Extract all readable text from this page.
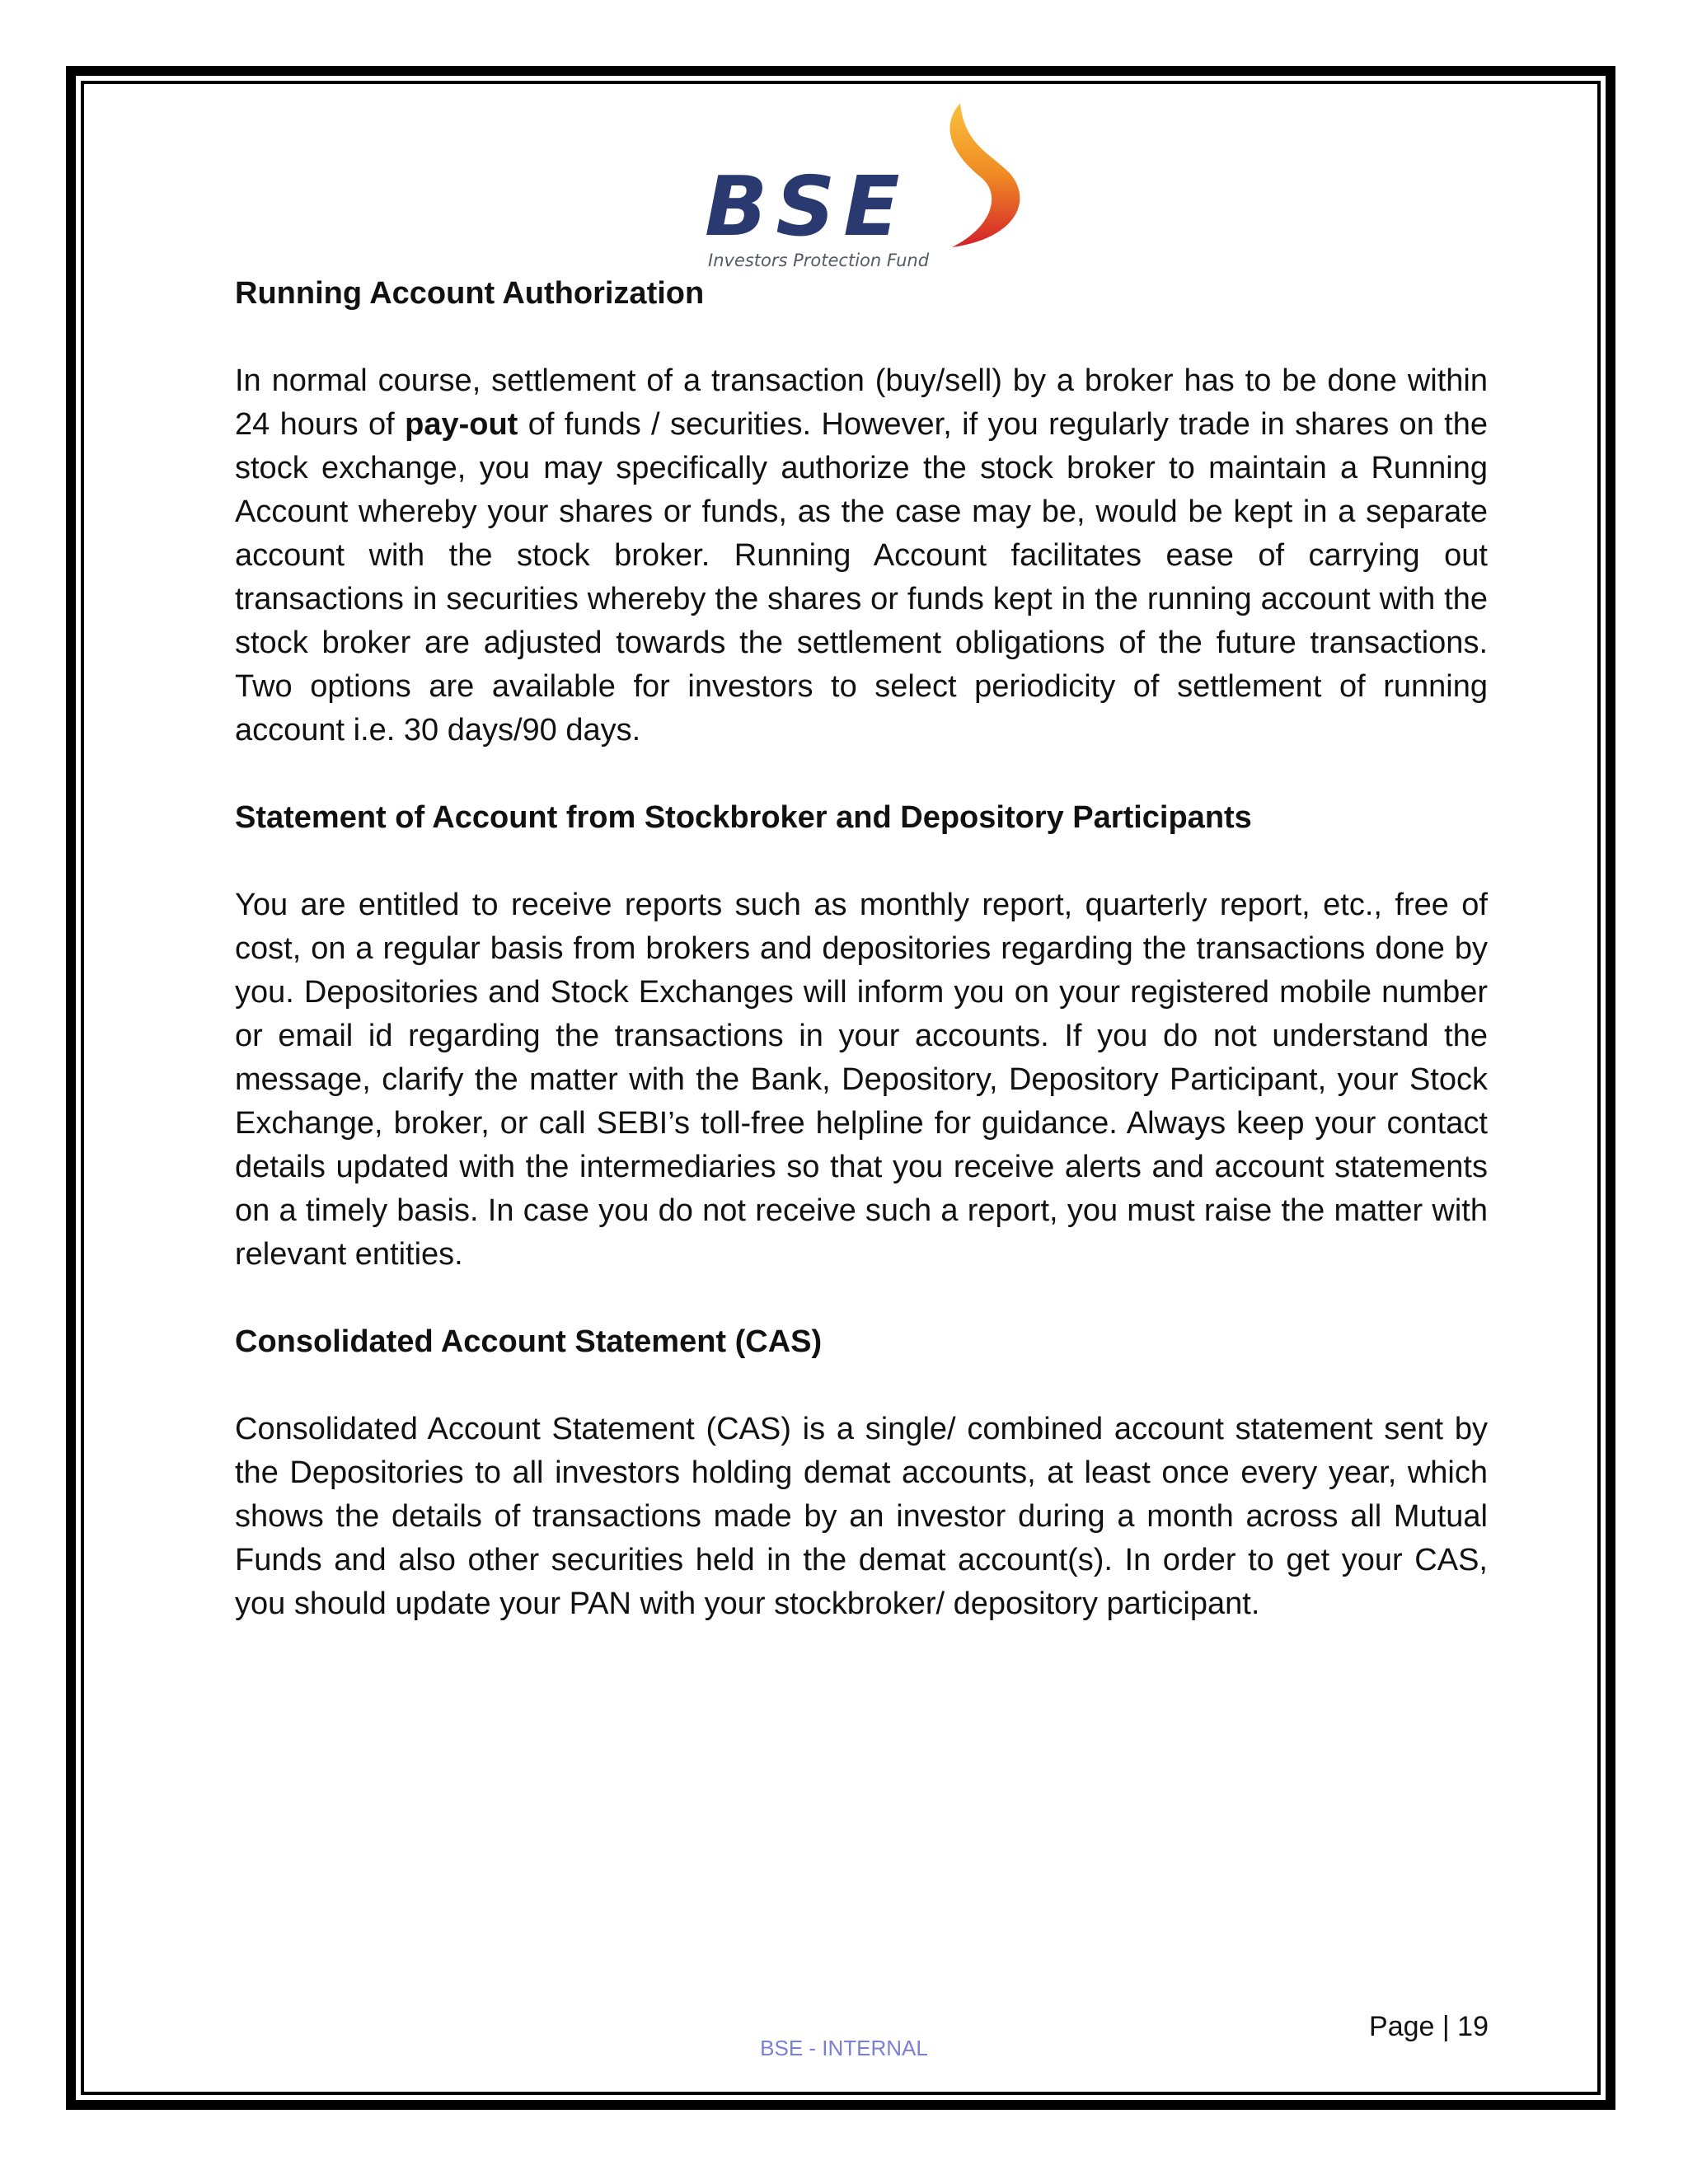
BSE
Investors Protection Fund
Running Account Authorization

In normal course, settlement of a transaction (buy/sell) by a broker has to be done within 24 hours of pay-out of funds / securities. However, if you regularly trade in shares on the stock exchange, you may specifically authorize the stock broker to maintain a Running Account whereby your shares or funds, as the case may be, would be kept in a separate account with the stock broker. Running Account facilitates ease of carrying out transactions in securities whereby the shares or funds kept in the running account with the stock broker are adjusted towards the settlement obligations of the future transactions. Two options are available for investors to select periodicity of settlement of running account i.e. 30 days/90 days.

Statement of Account from Stockbroker and Depository Participants

You are entitled to receive reports such as monthly report, quarterly report, etc., free of cost, on a regular basis from brokers and depositories regarding the transactions done by you. Depositories and Stock Exchanges will inform you on your registered mobile number or email id regarding the transactions in your accounts. If you do not understand the message, clarify the matter with the Bank, Depository, Depository Participant, your Stock Exchange, broker, or call SEBI’s toll-free helpline for guidance. Always keep your contact details updated with the intermediaries so that you receive alerts and account statements on a timely basis. In case you do not receive such a report, you must raise the matter with relevant entities.

Consolidated Account Statement (CAS)

Consolidated Account Statement (CAS) is a single/ combined account statement sent by the Depositories to all investors holding demat accounts, at least once every year, which shows the details of transactions made by an investor during a month across all Mutual Funds and also other securities held in the demat account(s). In order to get your CAS, you should update your PAN with your stockbroker/ depository participant.

Page | 19
BSE - INTERNAL
